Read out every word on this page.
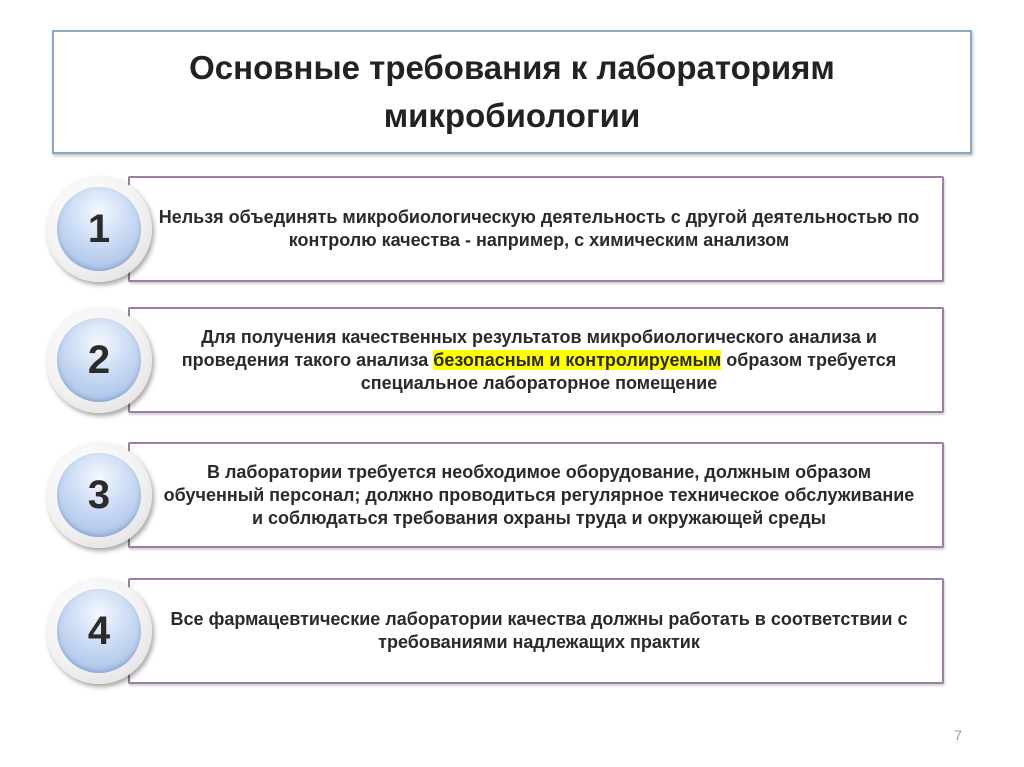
Основные требования к лабораториям микробиологии
Нельзя объединять микробиологическую деятельность с другой деятельностью по контролю качества - например, с химическим анализом
1
Для получения качественных результатов микробиологического анализа и проведения такого анализа безопасным и контролируемым образом требуется специальное лабораторное помещение
2
В лаборатории требуется необходимое оборудование, должным образом обученный персонал; должно проводиться регулярное техническое обслуживание и соблюдаться требования охраны труда и окружающей среды
3
Все фармацевтические лаборатории качества должны работать в соответствии с требованиями надлежащих практик
4
7
